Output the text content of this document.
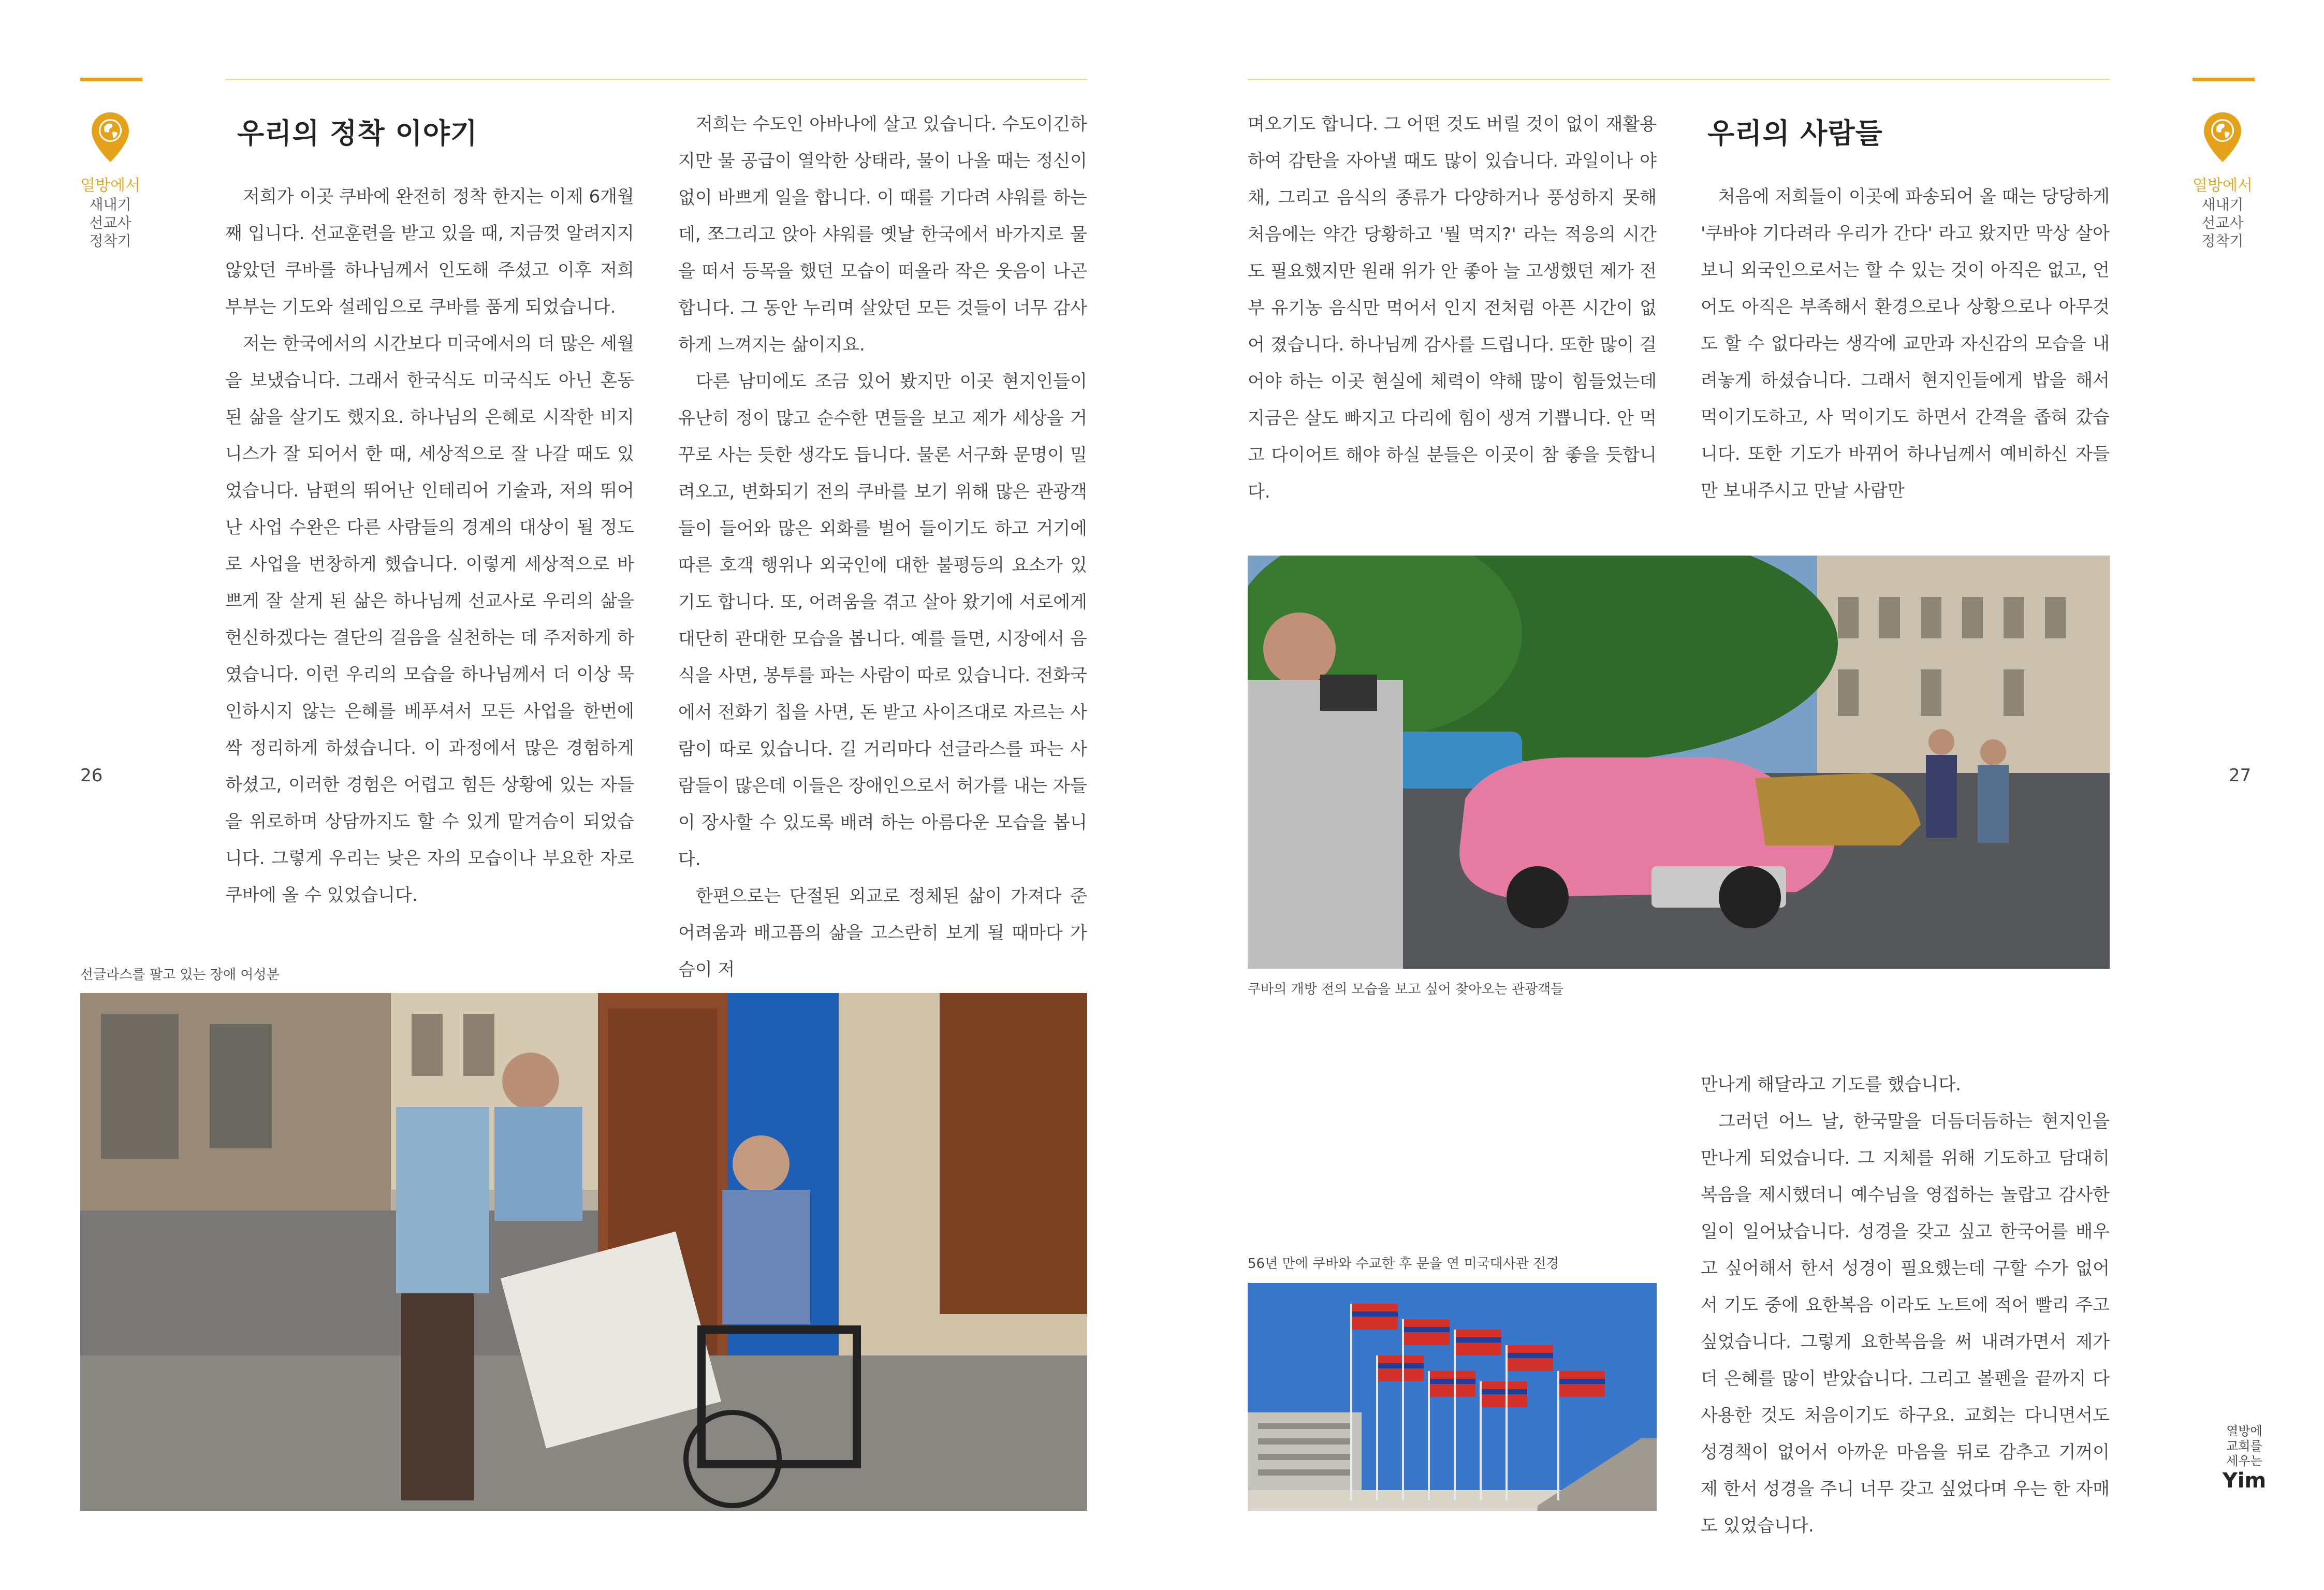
열방에서
새내기
선교사
정착기
열방에서
새내기
선교사
정착기
26	27
우리의 정착 이야기

저희가 이곳 쿠바에 완전히 정착 한지는 이제 6개월째 입니다. 선교훈련을 받고 있을 때, 지금껏 알려지지 않았던 쿠바를 하나님께서 인도해 주셨고 이후 저희 부부는 기도와 설레임으로 쿠바를 품게 되었습니다.

저는 한국에서의 시간보다 미국에서의 더 많은 세월을 보냈습니다. 그래서 한국식도 미국식도 아닌 혼동된 삶을 살기도 했지요. 하나님의 은혜로 시작한 비지니스가 잘 되어서 한 때, 세상적으로 잘 나갈 때도 있었습니다. 남편의 뛰어난 인테리어 기술과, 저의 뛰어난 사업 수완은 다른 사람들의 경계의 대상이 될 정도로 사업을 번창하게 했습니다. 이렇게 세상적으로 바쁘게 잘 살게 된 삶은 하나님께 선교사로 우리의 삶을 헌신하겠다는 결단의 걸음을 실천하는 데 주저하게 하였습니다. 이런 우리의 모습을 하나님께서 더 이상 묵인하시지 않는 은혜를 베푸셔서 모든 사업을 한번에 싹 정리하게 하셨습니다. 이 과정에서 많은 경험하게 하셨고, 이러한 경험은 어렵고 힘든 상황에 있는 자들을 위로하며 상담까지도 할 수 있게 맡겨슴이 되었습니다. 그렇게 우리는 낮은 자의 모습이나 부요한 자로 쿠바에 올 수 있었습니다.

저희는 수도인 아바나에 살고 있습니다. 수도이긴하지만 물 공급이 열악한 상태라, 물이 나올 때는 정신이 없이 바쁘게 일을 합니다. 이 때를 기다려 샤워를 하는 데, 쪼그리고 앉아 샤워를 옛날 한국에서 바가지로 물을 떠서 등목을 했던 모습이 떠올라 작은 웃음이 나곤 합니다. 그 동안 누리며 살았던 모든 것들이 너무 감사하게 느껴지는 삶이지요.

다른 남미에도 조금 있어 봤지만 이곳 현지인들이 유난히 정이 많고 순수한 면들을 보고 제가 세상을 거꾸로 사는 듯한 생각도 듭니다. 물론 서구화 문명이 밀려오고, 변화되기 전의 쿠바를 보기 위해 많은 관광객들이 들어와 많은 외화를 벌어 들이기도 하고 거기에 따른 호객 행위나 외국인에 대한 불평등의 요소가 있기도 합니다. 또, 어려움을 겪고 살아 왔기에 서로에게 대단히 관대한 모습을 봅니다. 예를 들면, 시장에서 음식을 사면, 봉투를 파는 사람이 따로 있습니다. 전화국에서 전화기 칩을 사면, 돈 받고 사이즈대로 자르는 사람이 따로 있습니다. 길 거리마다 선글라스를 파는 사람들이 많은데 이들은 장애인으로서 허가를 내는 자들이 장사할 수 있도록 배려 하는 아름다운 모습을 봅니다.

한편으로는 단절된 외교로 정체된 삶이 가져다 준 어려움과 배고픔의 삶을 고스란히 보게 될 때마다 가슴이 저

선글라스를 팔고 있는 장애 여성분

며오기도 합니다. 그 어떤 것도 버릴 것이 없이 재활용하여 감탄을 자아낼 때도 많이 있습니다. 과일이나 야채, 그리고 음식의 종류가 다양하거나 풍성하지 못해 처음에는 약간 당황하고 '뭘 먹지?' 라는 적응의 시간도 필요했지만 원래 위가 안 좋아 늘 고생했던 제가 전부 유기농 음식만 먹어서 인지 전처럼 아픈 시간이 없어 졌습니다. 하나님께 감사를 드립니다. 또한 많이 걸어야 하는 이곳 현실에 체력이 약해 많이 힘들었는데 지금은 살도 빠지고 다리에 힘이 생겨 기쁩니다. 안 먹고 다이어트 해야 하실 분들은 이곳이 참 좋을 듯합니다.

우리의 사람들

처음에 저희들이 이곳에 파송되어 올 때는 당당하게 '쿠바야 기다려라 우리가 간다' 라고 왔지만 막상 살아보니 외국인으로서는 할 수 있는 것이 아직은 없고, 언어도 아직은 부족해서 환경으로나 상황으로나 아무것도 할 수 없다라는 생각에 교만과 자신감의 모습을 내려놓게 하셨습니다. 그래서 현지인들에게 밥을 해서 먹이기도하고, 사 먹이기도 하면서 간격을 좁혀 갔습니다. 또한 기도가 바뀌어 하나님께서 예비하신 자들만 보내주시고 만날 사람만

쿠바의 개방 전의 모습을 보고 싶어 찾아오는 관광객들
56년 만에 쿠바와 수교한 후 문을 연 미국대사관 전경

만나게 해달라고 기도를 했습니다.

그러던 어느 날, 한국말을 더듬더듬하는 현지인을 만나게 되었습니다. 그 지체를 위해 기도하고 담대히 복음을 제시했더니 예수님을 영접하는 놀랍고 감사한 일이 일어났습니다. 성경을 갖고 싶고 한국어를 배우고 싶어해서 한서 성경이 필요했는데 구할 수가 없어서 기도 중에 요한복음 이라도 노트에 적어 빨리 주고 싶었습니다. 그렇게 요한복음을 써 내려가면서 제가 더 은혜를 많이 받았습니다. 그리고 볼펜을 끝까지 다 사용한 것도 처음이기도 하구요. 교회는 다니면서도 성경책이 없어서 아까운 마음을 뒤로 감추고 기꺼이 제 한서 성경을 주니 너무 갖고 싶었다며 우는 한 자매도 있었습니다.

열방에
교회를
세우는
Yim
